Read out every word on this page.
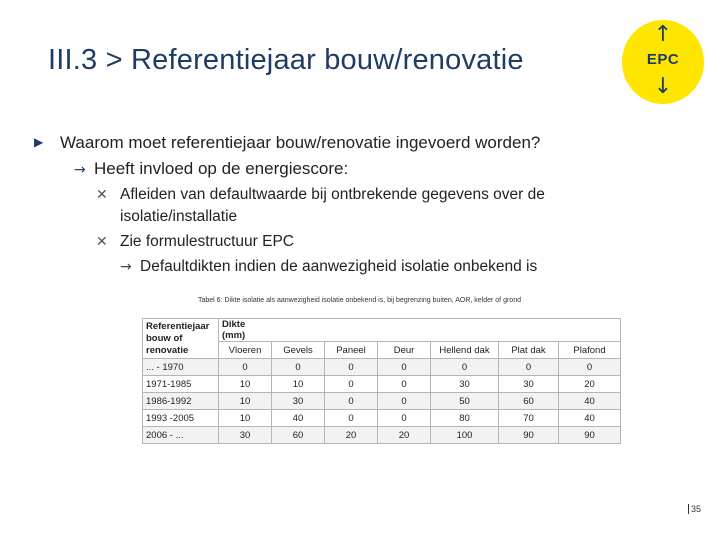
III.3 > Referentiejaar bouw/renovatie
↑
EPC
↓
▶ Waarom moet referentiejaar bouw/renovatie ingevoerd worden?
→ Heeft invloed op de energiescore:
✕ Afleiden van defaultwaarde bij ontbrekende gegevens over de
isolatie/installatie
✕ Zie formulestructuur EPC
→ Defaultdikten indien de aanwezigheid isolatie onbekend is
Tabel 6: Dikte isolatie als aanwezigheid isolatie onbekend is, bij begrenzing buiten, AOR, kelder of grond
Referentiejaar bouw of renovatie	Dikte (mm)						
	Vloeren	Gevels	Paneel	Deur	Hellend dak	Plat dak	Plafond
... - 1970	0	0	0	0	0	0	0
1971-1985	10	10	0	0	30	30	20
1986-1992	10	30	0	0	50	60	40
1993 -2005	10	40	0	0	80	70	40
2006 - ...	30	60	20	20	100	90	90
35
